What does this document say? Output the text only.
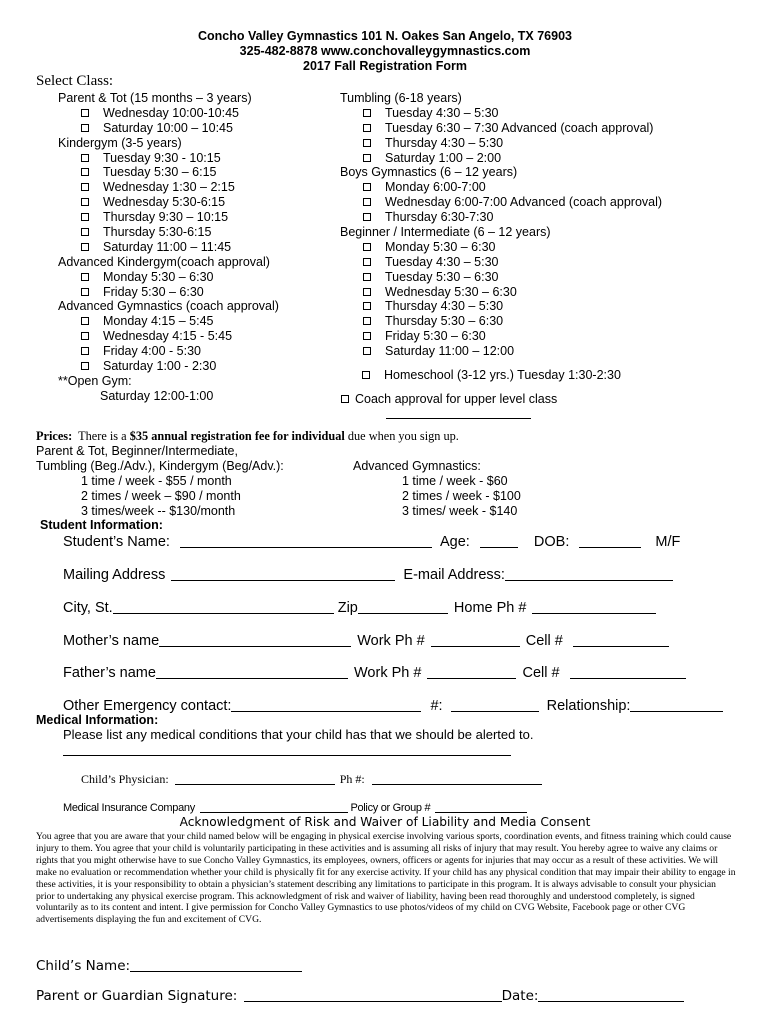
Concho Valley Gymnastics 101 N. Oakes San Angelo, TX 76903
325-482-8878 www.conchovalleygymnastics.com
2017 Fall Registration Form
Select Class:
Parent & Tot (15 months – 3 years)
Wednesday 10:00-10:45
Saturday 10:00 – 10:45
Kindergym (3-5 years)
Tuesday 9:30 - 10:15
Tuesday 5:30 – 6:15
Wednesday 1:30 – 2:15
Wednesday 5:30-6:15
Thursday 9:30 – 10:15
Thursday 5:30-6:15
Saturday 11:00 – 11:45
Advanced Kindergym(coach approval)
Monday 5:30 – 6:30
Friday 5:30 – 6:30
Advanced Gymnastics (coach approval)
Monday 4:15 – 5:45
Wednesday 4:15 - 5:45
Friday 4:00 - 5:30
Saturday 1:00 - 2:30
**Open Gym:
Saturday 12:00-1:00
Tumbling (6-18 years)
Tuesday 4:30 – 5:30
Tuesday 6:30 – 7:30 Advanced (coach approval)
Thursday 4:30 – 5:30
Saturday 1:00 – 2:00
Boys Gymnastics (6 – 12 years)
Monday 6:00-7:00
Wednesday 6:00-7:00 Advanced (coach approval)
Thursday 6:30-7:30
Beginner / Intermediate (6 – 12 years)
Monday 5:30 – 6:30
Tuesday 4:30 – 5:30
Tuesday 5:30 – 6:30
Wednesday 5:30 – 6:30
Thursday 4:30 – 5:30
Thursday 5:30 – 6:30
Friday 5:30 – 6:30
Saturday 11:00 – 12:00
Homeschool (3-12 yrs.) Tuesday 1:30-2:30
Coach approval for upper level class
Prices: There is a $35 annual registration fee for individual due when you sign up.
Parent & Tot, Beginner/Intermediate,
Tumbling (Beg./Adv.), Kindergym (Beg/Adv.):
1 time / week - $55 / month
2 times / week – $90 / month
3 times/week -- $130/month
Advanced Gymnastics:
1 time / week - $60
2 times / week - $100
3 times/ week - $140
Student Information:
Student’s Name:	Age:	DOB:	M/F
Mailing Address	E-mail Address:
City, St.	Zip	Home Ph #
Mother’s name	Work Ph #	Cell #
Father’s name	Work Ph #	Cell #
Other Emergency contact:	#:	Relationship:
Medical Information:
Please list any medical conditions that your child has that we should be alerted to.
Child’s Physician:	Ph #:
Medical Insurance Company	Policy or Group #
Acknowledgment of Risk and Waiver of Liability and Media Consent
You agree that you are aware that your child named below will be engaging in physical exercise involving various sports, coordination events, and fitness training which could cause injury to them. You agree that your child is voluntarily participating in these activities and is assuming all risks of injury that may result. You hereby agree to waive any claims or rights that you might otherwise have to sue Concho Valley Gymnastics, its employees, owners, officers or agents for injuries that may occur as a result of these activities. We will make no evaluation or recommendation whether your child is physically fit for any exercise activity. If your child has any physical condition that may impair their ability to engage in these activities, it is your responsibility to obtain a physician’s statement describing any limitations to participate in this program. It is always advisable to consult your physician prior to undertaking any physical exercise program. This acknowledgment of risk and waiver of liability, having been read thoroughly and understood completely, is signed voluntarily as to its content and intent. I give permission for Concho Valley Gymnastics to use photos/videos of my child on CVG Website, Facebook page or other CVG advertisements displaying the fun and excitement of CVG.
Child’s Name:
Parent or Guardian Signature:	Date:
